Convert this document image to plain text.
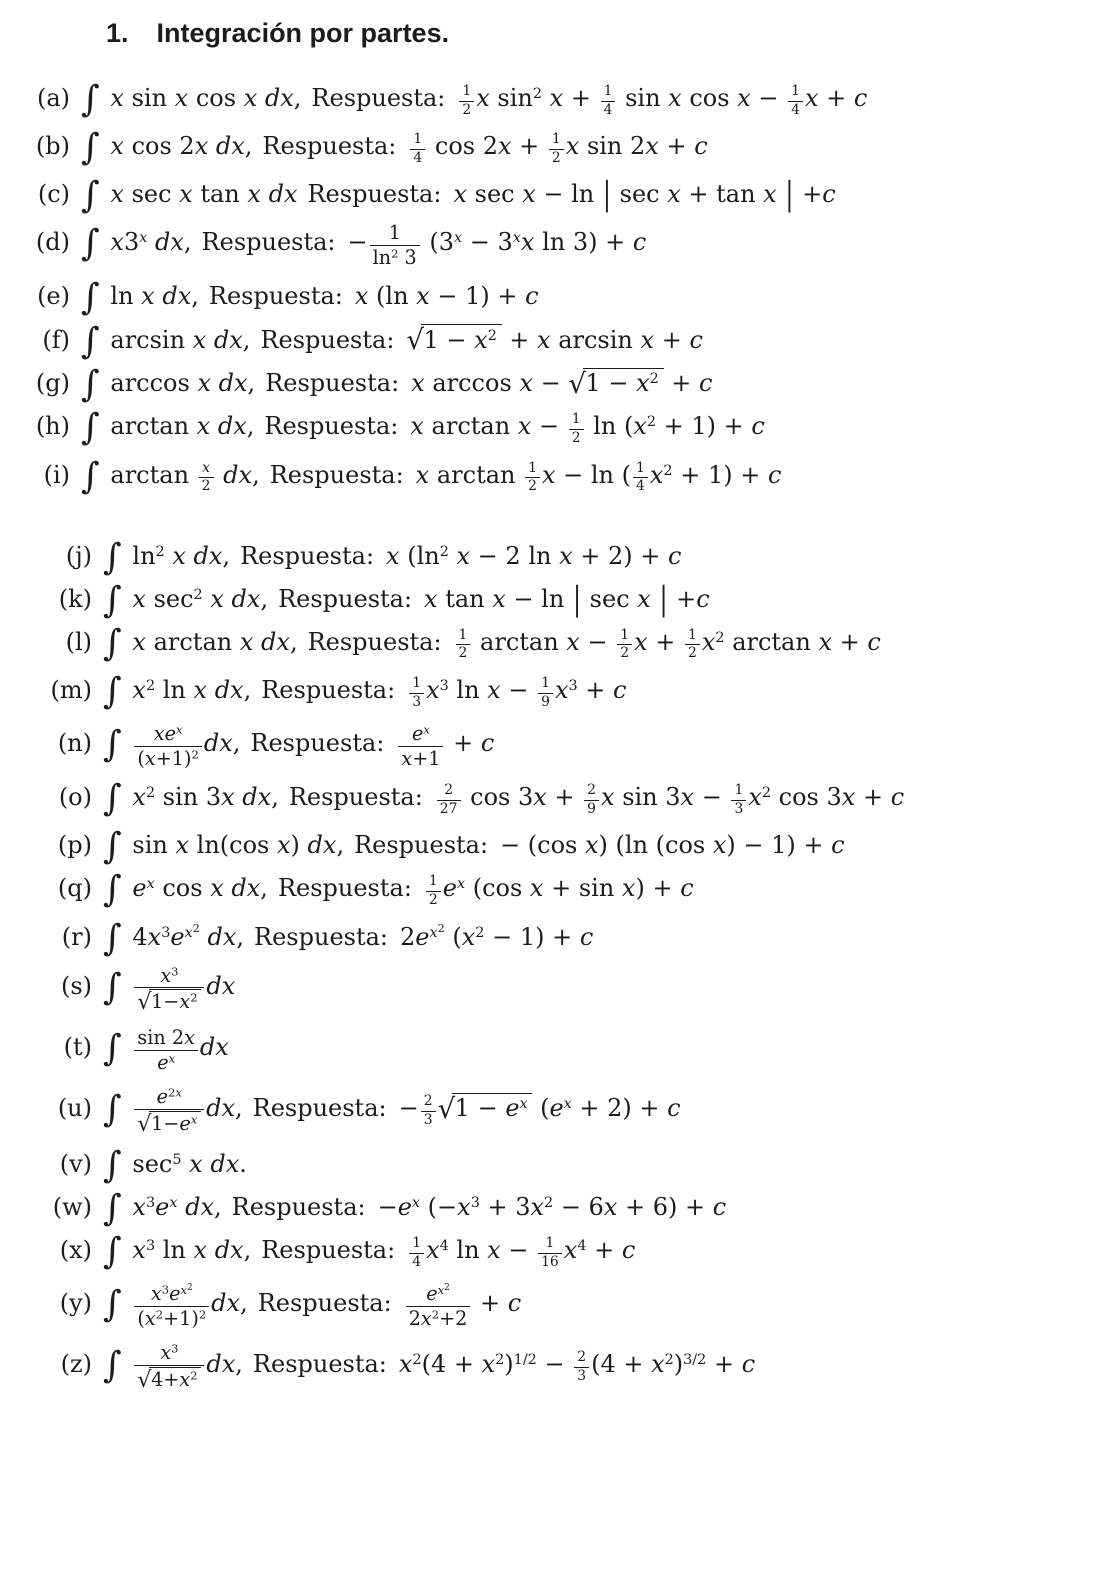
1. Integración por partes.
(a) ∫ x sin x cos x dx, Respuesta: $\frac{1}{2}$ x $\sin^2 x + \frac{1}{4}$ sin x $\cos x - \frac{1}{4}$ x + c
(b) ∫ x cos 2x dx, Respuesta: $\frac{1}{4}$ $\cos 2x + \frac{1}{2}$ x sin 2x + c
(c) ∫ x sec x tan x dx Respuesta: x sec x − ln | sec x + tan x | +c
(d) ∫ x3$^x$ dx, Respuesta: − $\frac{1}{\ln^2 3} (3^x - 3^xx$ ln 3) + c
(e) ∫ ln x dx, Respuesta: x (ln x − 1) + c
(f) ∫ arcsin x dx, Respuesta: $√1 - x^2 + x$ arcsin x + c
(g) ∫ arccos x dx, Respuesta: x $\arccos x - √1 - x^2 + c$
(h) ∫ arctan x dx, Respuesta: x $\arctan x - \frac{1}{2}$ $\ln (x^2 + 1) + c$
(i) ∫ $\arctan \frac{x}{2}$ dx, Respuesta: x $\arctan \frac{1}{2}$ x − ln ( $\frac{1}{4} x^2 + 1) + c$
(j) ∫ $\ln^2 x$ dx, Respuesta: x ($\ln^2$ x − 2 ln x + 2) + c
(k) ∫ x $\sec^2 x$ dx, Respuesta: x tan x − ln | sec x | +c
(l) ∫ x arctan x dx, Respuesta: $\frac{1}{2}$ $\arctan x - \frac{1}{2}$ $x + \frac{1}{2} x^2$ arctan x + c
(m) ∫ $x^2$ ln x dx, Respuesta: $\frac{1}{3} x^3$ $\ln x - \frac{1}{9} x^3 + c$
(n) ∫	$xe^x$
$(x+1)^2$ dx, Respuesta: $\frac{e^x}{x+1} + c$
(o) ∫ $x^2$ sin 3x dx, Respuesta: $\frac{2}{27}$ $\cos 3x + \frac{2}{9}$ x $\sin 3x - \frac{1}{3} x^2$ cos 3x + c
(p) ∫ sin x ln(cos x) dx, Respuesta: − (cos x) (ln (cos x) − 1) + c
(q) ∫ $e^x$ cos x dx, Respuesta: $\frac{1}{2} e^x$ (cos x + sin x) + c
(r) ∫ $4x^3e^{x^2}$ dx, Respuesta: $2e^{x^2}$ $(x^2 - 1) + c$
(s) ∫ $\frac{x^3}{√1-x^2}$ dx
(t) ∫ $\frac{\sin 2x}{e^x}$ dx
(u) ∫ $\frac{e^{2x}}{√1-e^x}$ dx, Respuesta: − $\frac{2}{3} √1 - e^x$ $(e^x + 2) + c$
(v) ∫ $\sec^5 x$ dx.
(w) ∫ $x^3e^x$ dx, Respuesta: $-e^x$ $(-x^3 + 3x^2 - 6x + 6) + c$
(x) ∫ $x^3$ ln x dx, Respuesta: $\frac{1}{4} x^4$ $\ln x - \frac{1}{16} x^4 + c$
(y) ∫ $\frac{x^3e^{x^2}}{(x^2+1)^2}$ dx, Respuesta: $\frac{e^{x^2}}{2x^2+2} + c$
(z) ∫ $\frac{x^3}{√4+x^2}$ dx, Respuesta: $x^2(4 + x^2)^{1/2} - \frac{2}{3} (4 + x^2)^{3/2} + c$
